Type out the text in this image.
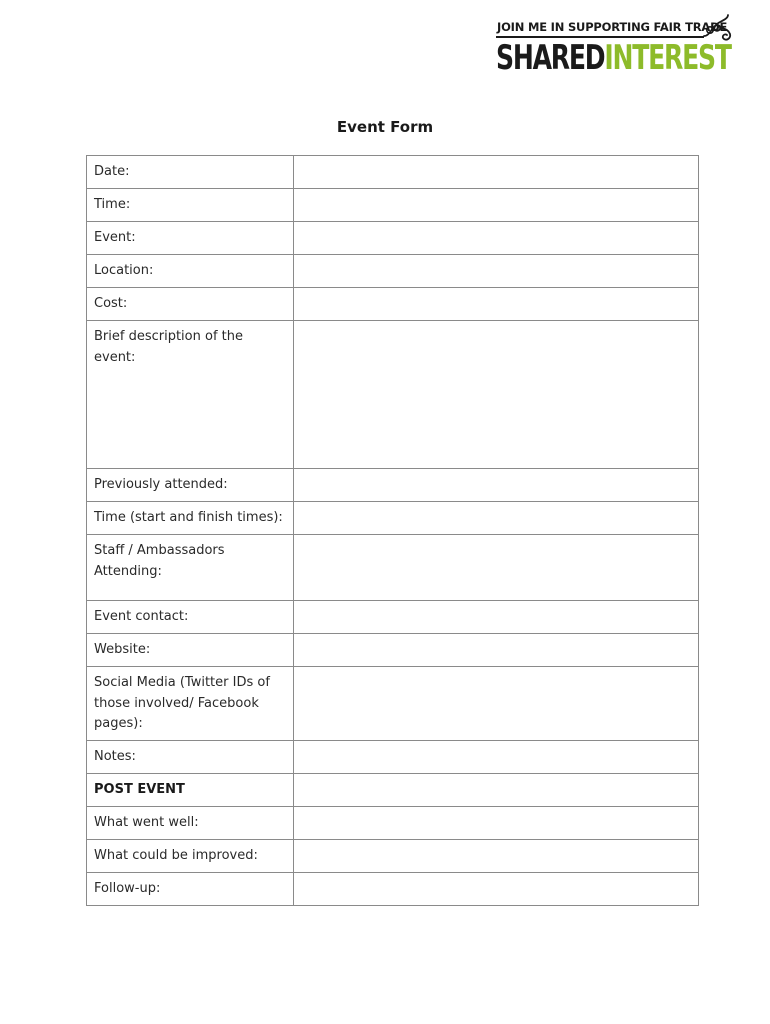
JOIN ME IN SUPPORTING FAIR TRADE
SHAREDINTEREST
Event Form
Date:	
Time:	
Event:	
Location:	
Cost:	
Brief description of the event:	
Previously attended:	
Time (start and finish times):	
Staff / Ambassadors Attending:	
Event contact:	
Website:	
Social Media (Twitter IDs of those involved/ Facebook pages):	
Notes:	
POST EVENT	
What went well:	
What could be improved:	
Follow-up:	
